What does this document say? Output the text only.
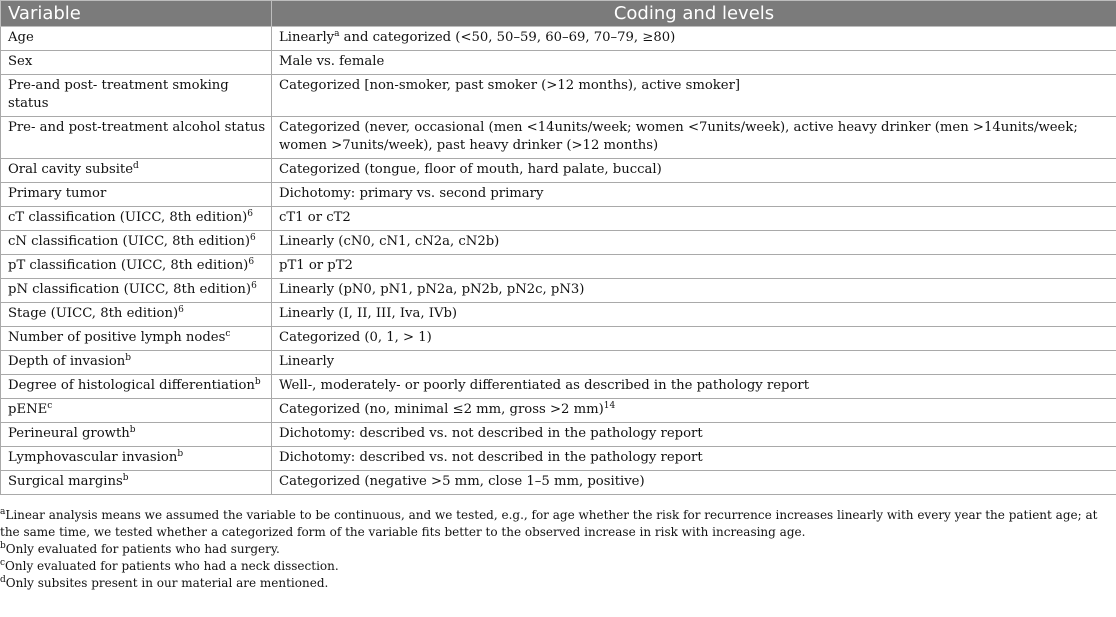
Variable	Coding and levels
Age	Linearly$^a$ and categorized (<50, 50–59, 60–69, 70–79, ≥80)
Sex	Male vs. female
Pre-and post- treatment smoking status	Categorized [non-smoker, past smoker (>12 months), active smoker]
Pre- and post-treatment alcohol status	Categorized (never, occasional (men <14units/week; women <7units/week), active heavy drinker (men >14units/week; women >7units/week), past heavy drinker (>12 months)
Oral cavity subsite$^d$	Categorized (tongue, floor of mouth, hard palate, buccal)
Primary tumor	Dichotomy: primary vs. second primary
cT classification (UICC, 8th edition)$^6$	cT1 or cT2
cN classification (UICC, 8th edition)$^6$	Linearly (cN0, cN1, cN2a, cN2b)
pT classification (UICC, 8th edition)$^6$	pT1 or pT2
pN classification (UICC, 8th edition)$^6$	Linearly (pN0, pN1, pN2a, pN2b, pN2c, pN3)
Stage (UICC, 8th edition)$^6$	Linearly (I, II, III, Iva, IVb)
Number of positive lymph nodes$^c$	Categorized (0, 1, > 1)
Depth of invasion$^b$	Linearly
Degree of histological differentiation$^b$	Well-, moderately- or poorly differentiated as described in the pathology report
pENE$^c$	Categorized (no, minimal ≤2 mm, gross >2 mm)$^{14}$
Perineural growth$^b$	Dichotomy: described vs. not described in the pathology report
Lymphovascular invasion$^b$	Dichotomy: described vs. not described in the pathology report
Surgical margins$^b$	Categorized (negative >5 mm, close 1–5 mm, positive)

$^a$Linear analysis means we assumed the variable to be continuous, and we tested, e.g., for age whether the risk for recurrence increases linearly with every year the patient age; at the same time, we tested whether a categorized form of the variable fits better to the observed increase in risk with increasing age.

$^b$Only evaluated for patients who had surgery.

$^c$Only evaluated for patients who had a neck dissection.

$^d$Only subsites present in our material are mentioned.
